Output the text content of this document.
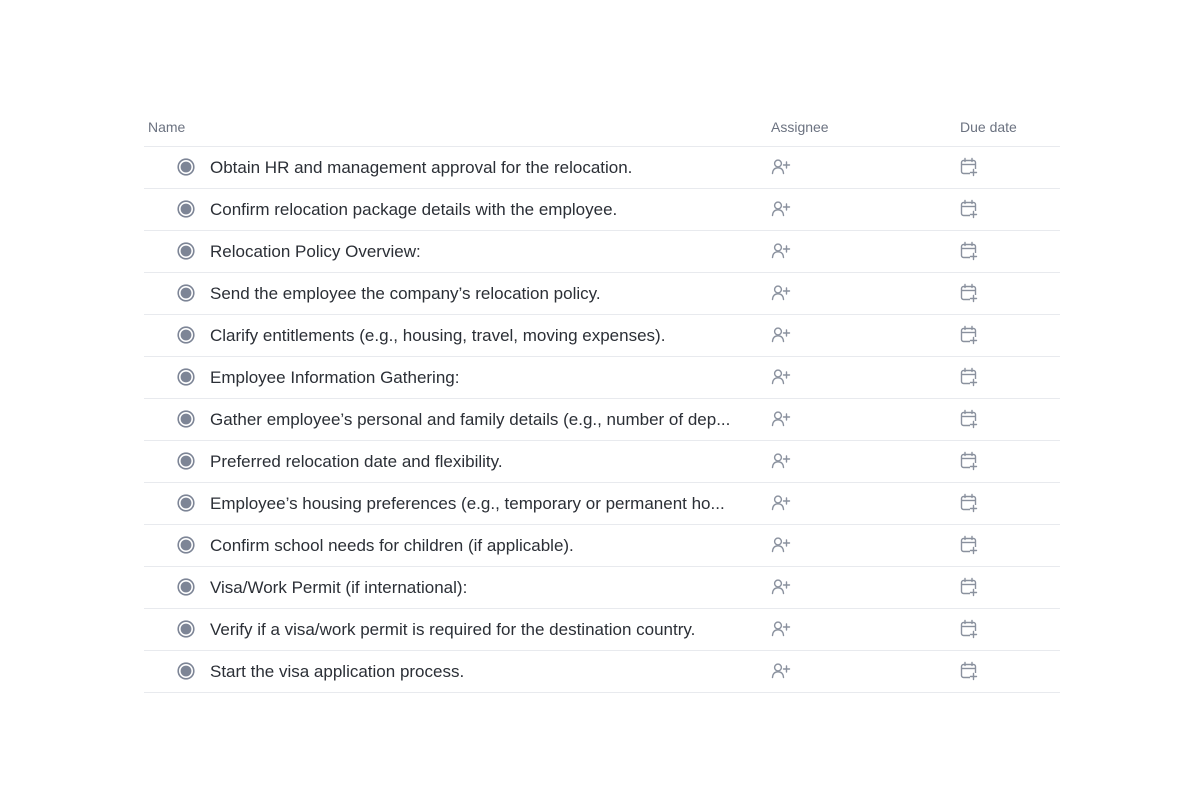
Name	Assignee	Due date
Obtain HR and management approval for the relocation.
Confirm relocation package details with the employee.
Relocation Policy Overview:
Send the employee the company’s relocation policy.
Clarify entitlements (e.g., housing, travel, moving expenses).
Employee Information Gathering:
Gather employee’s personal and family details (e.g., number of dep...
Preferred relocation date and flexibility.
Employee’s housing preferences (e.g., temporary or permanent ho...
Confirm school needs for children (if applicable).
Visa/Work Permit (if international):
Verify if a visa/work permit is required for the destination country.
Start the visa application process.
